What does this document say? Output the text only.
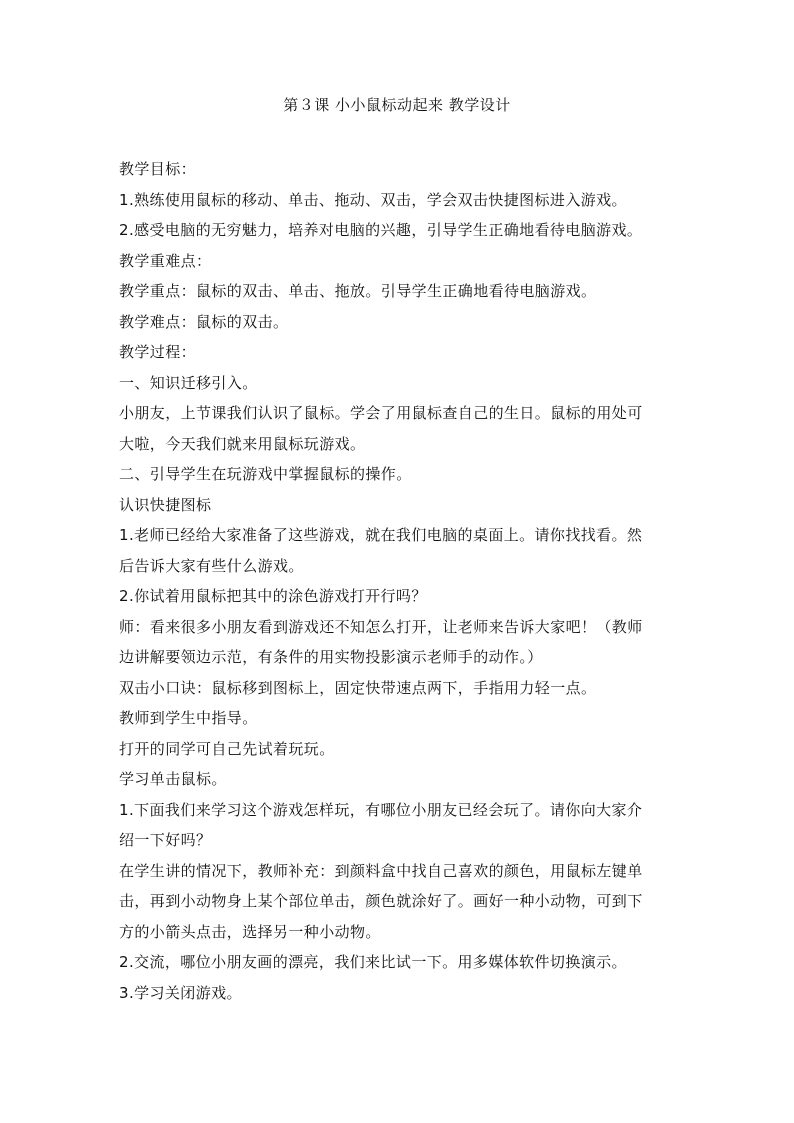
第３课 小小鼠标动起来 教学设计
教学目标：
1.熟练使用鼠标的移动、单击、拖动、双击，学会双击快捷图标进入游戏。
2.感受电脑的无穷魅力，培养对电脑的兴趣，引导学生正确地看待电脑游戏。
教学重难点：
教学重点：鼠标的双击、单击、拖放。引导学生正确地看待电脑游戏。
教学难点：鼠标的双击。
教学过程：
一、知识迁移引入。
小朋友，上节课我们认识了鼠标。学会了用鼠标查自己的生日。鼠标的用处可
大啦，今天我们就来用鼠标玩游戏。
二、引导学生在玩游戏中掌握鼠标的操作。
认识快捷图标
1.老师已经给大家准备了这些游戏，就在我们电脑的桌面上。请你找找看。然
后告诉大家有些什么游戏。
2.你试着用鼠标把其中的涂色游戏打开行吗？
师：看来很多小朋友看到游戏还不知怎么打开，让老师来告诉大家吧！（教师
边讲解要领边示范，有条件的用实物投影演示老师手的动作。）
双击小口诀：鼠标移到图标上，固定快带速点两下，手指用力轻一点。
教师到学生中指导。
打开的同学可自己先试着玩玩。
学习单击鼠标。
1.下面我们来学习这个游戏怎样玩，有哪位小朋友已经会玩了。请你向大家介
绍一下好吗？
在学生讲的情况下，教师补充：到颜料盒中找自己喜欢的颜色，用鼠标左键单
击，再到小动物身上某个部位单击，颜色就涂好了。画好一种小动物，可到下
方的小箭头点击，选择另一种小动物。
2.交流，哪位小朋友画的漂亮，我们来比试一下。用多媒体软件切换演示。
3.学习关闭游戏。
